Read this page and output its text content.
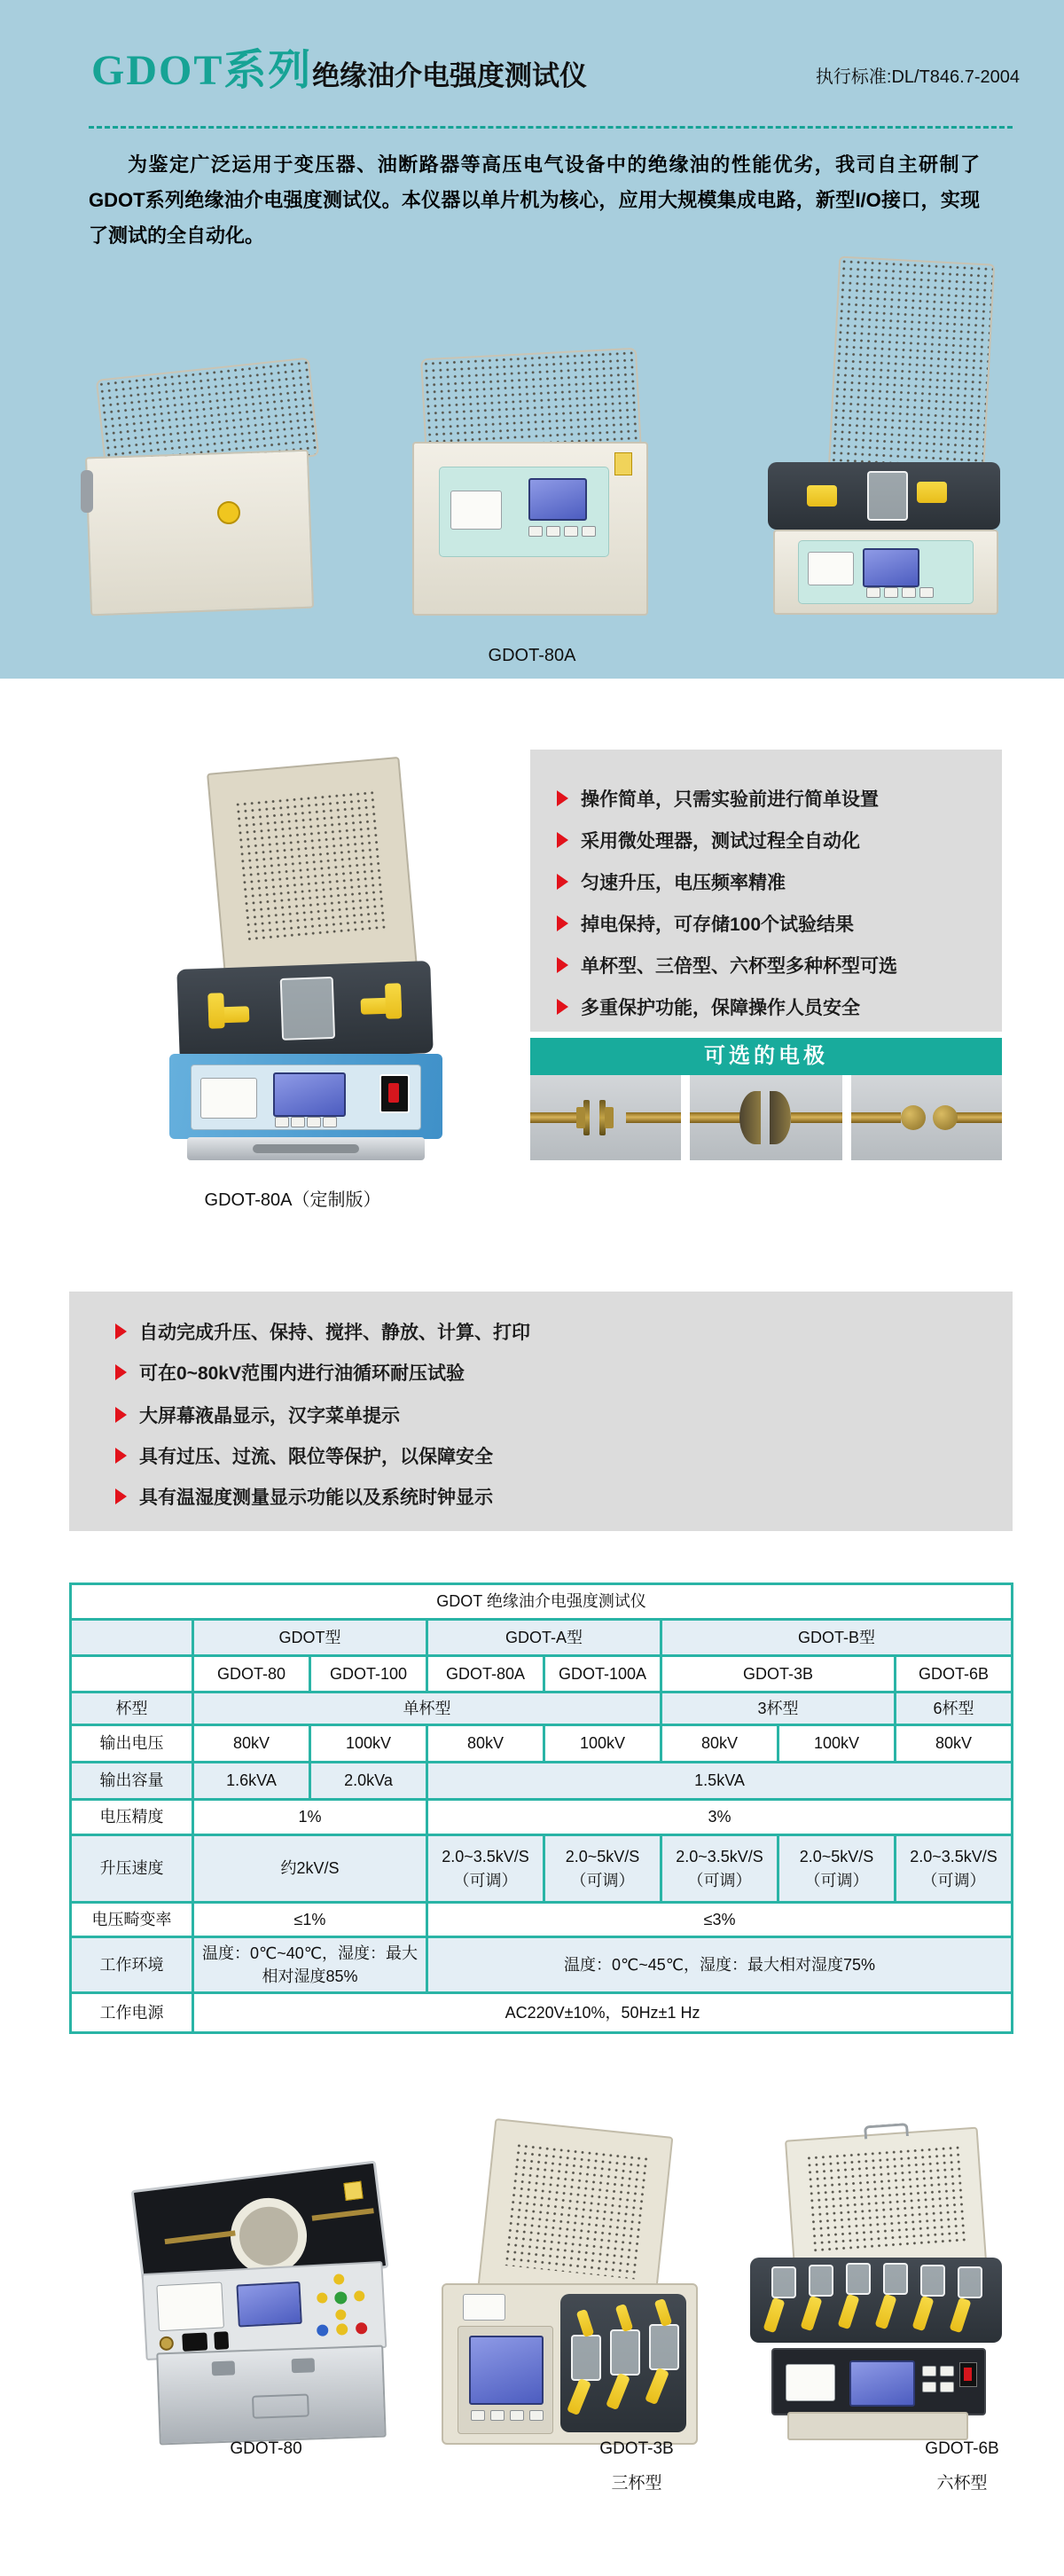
GDOT系列 绝缘油介电强度测试仪	执行标准:DL/T846.7-2004
为鉴定广泛运用于变压器、油断路器等高压电气设备中的绝缘油的性能优劣，我司自主研制了GDOT系列绝缘油介电强度测试仪。本仪器以单片机为核心，应用大规模集成电路，新型I/O接口，实现了测试的全自动化。
GDOT-80A
GDOT-80A（定制版）
操作简单，只需实验前进行简单设置
采用微处理器，测试过程全自动化
匀速升压，电压频率精准
掉电保持，可存储100个试验结果
单杯型、三倍型、六杯型多种杯型可选
多重保护功能，保障操作人员安全
可选的电极
自动完成升压、保持、搅拌、静放、计算、打印
可在0~80kV范围内进行油循环耐压试验
大屏幕液晶显示，汉字菜单提示
具有过压、过流、限位等保护，以保障安全
具有温湿度测量显示功能以及系统时钟显示
GDOT 绝缘油介电强度测试仪							
	GDOT型		GDOT-A型		GDOT-B型		
	GDOT-80	GDOT-100	GDOT-80A	GDOT-100A	GDOT-3B		GDOT-6B
杯型	单杯型				3杯型		6杯型
输出电压	80kV	100kV	80kV	100kV	80kV	100kV	80kV
输出容量	1.6kVA	2.0kVa	1.5kVA				
电压精度	1%		3%				
升压速度	约2kV/S		2.0~3.5kV/S（可调）	2.0~5kV/S（可调）	2.0~3.5kV/S（可调）	2.0~5kV/S（可调）	2.0~3.5kV/S（可调）
电压畸变率	≤1%		≤3%				
工作环境	温度：0℃~40℃，湿度：最大相对湿度85%		温度：0℃~45℃，湿度：最大相对湿度75%				
工作电源	AC220V±10%，50Hz±1 Hz						
GDOT-80	GDOT-3B
三杯型
GDOT-6B
六杯型
